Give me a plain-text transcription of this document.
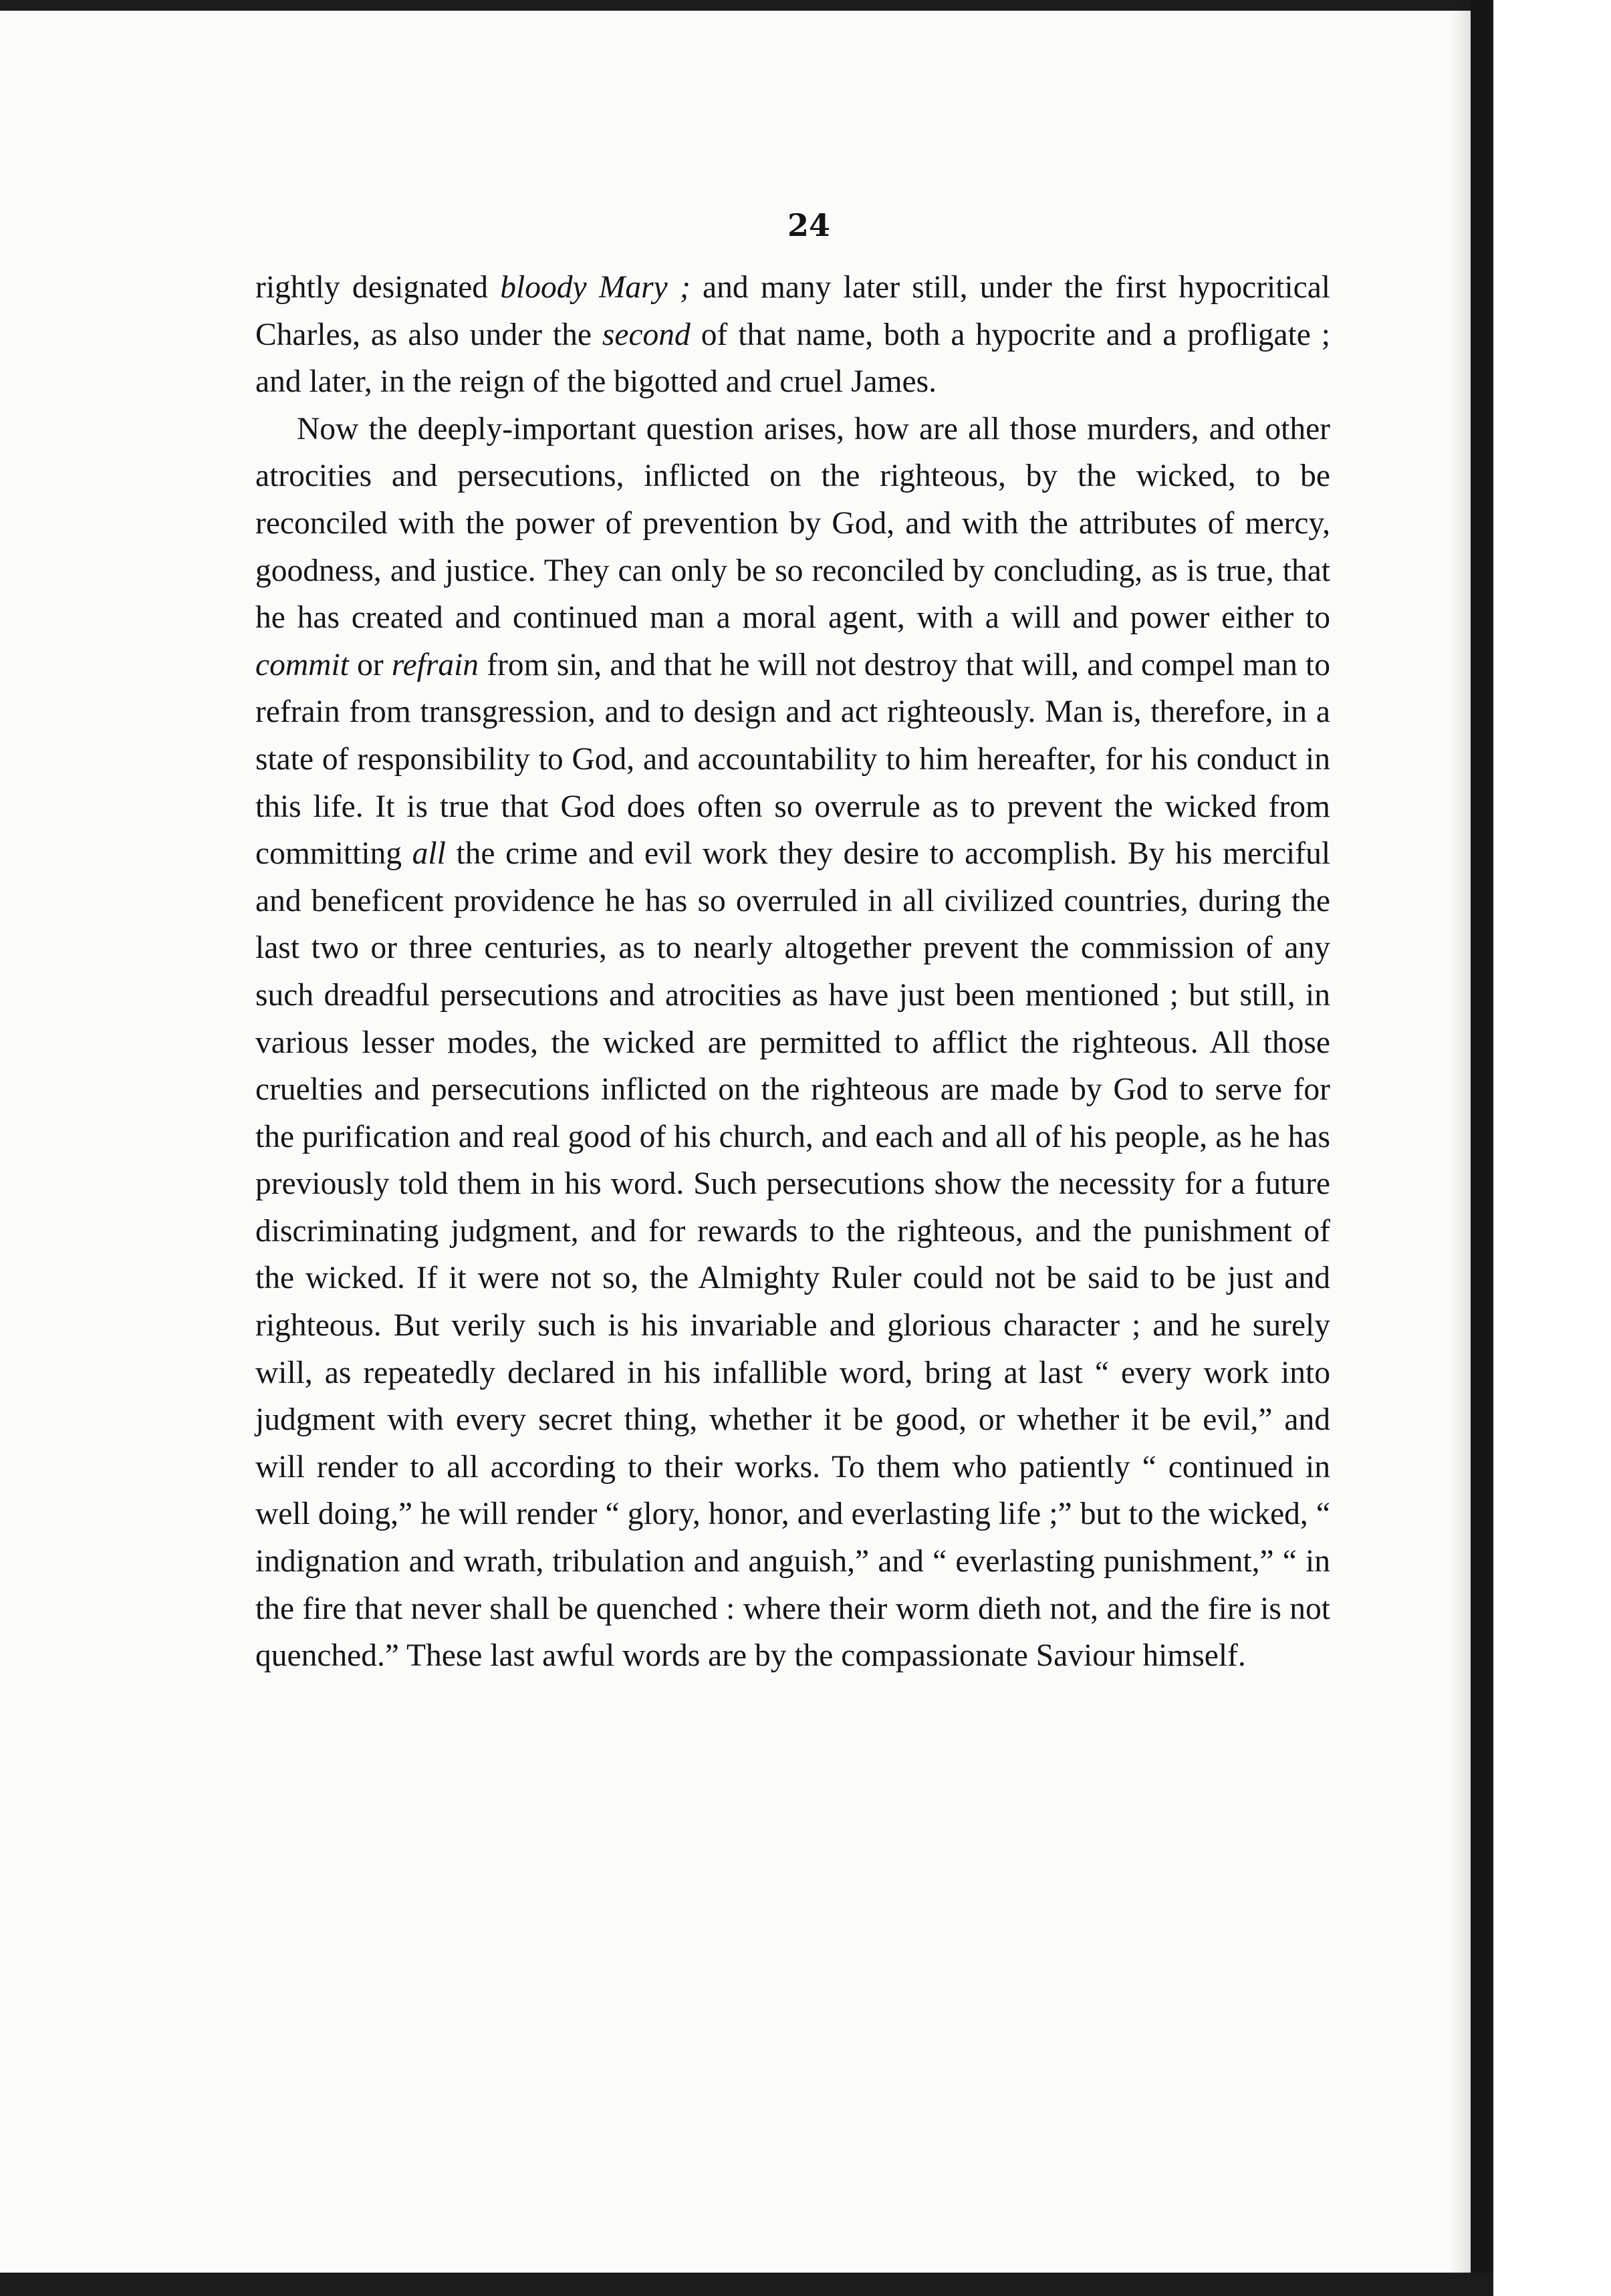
24

rightly designated bloody Mary ; and many later still, under the first hypocritical Charles, as also under the second of that name, both a hypocrite and a profligate ; and later, in the reign of the bigotted and cruel James.

Now the deeply-important question arises, how are all those murders, and other atrocities and persecutions, inflicted on the righteous, by the wicked, to be reconciled with the power of prevention by God, and with the attributes of mercy, goodness, and justice. They can only be so reconciled by concluding, as is true, that he has created and continued man a moral agent, with a will and power either to commit or refrain from sin, and that he will not destroy that will, and compel man to refrain from transgression, and to design and act righteously. Man is, therefore, in a state of responsibility to God, and accountability to him hereafter, for his conduct in this life. It is true that God does often so overrule as to prevent the wicked from committing all the crime and evil work they desire to accomplish. By his merciful and beneficent providence he has so overruled in all civilized countries, during the last two or three centuries, as to nearly altogether prevent the commission of any such dreadful persecutions and atrocities as have just been mentioned ; but still, in various lesser modes, the wicked are permitted to afflict the righteous. All those cruelties and persecutions inflicted on the righteous are made by God to serve for the purification and real good of his church, and each and all of his people, as he has previously told them in his word. Such persecutions show the necessity for a future discriminating judgment, and for rewards to the righteous, and the punishment of the wicked. If it were not so, the Almighty Ruler could not be said to be just and righteous. But verily such is his invariable and glorious character ; and he surely will, as repeatedly declared in his infallible word, bring at last “ every work into judgment with every secret thing, whether it be good, or whether it be evil,” and will render to all according to their works. To them who patiently “ continued in well doing,” he will render “ glory, honor, and everlasting life ;” but to the wicked, “ indignation and wrath, tribulation and anguish,” and “ everlasting punishment,” “ in the fire that never shall be quenched : where their worm dieth not, and the fire is not quenched.” These last awful words are by the compassionate Saviour himself.
